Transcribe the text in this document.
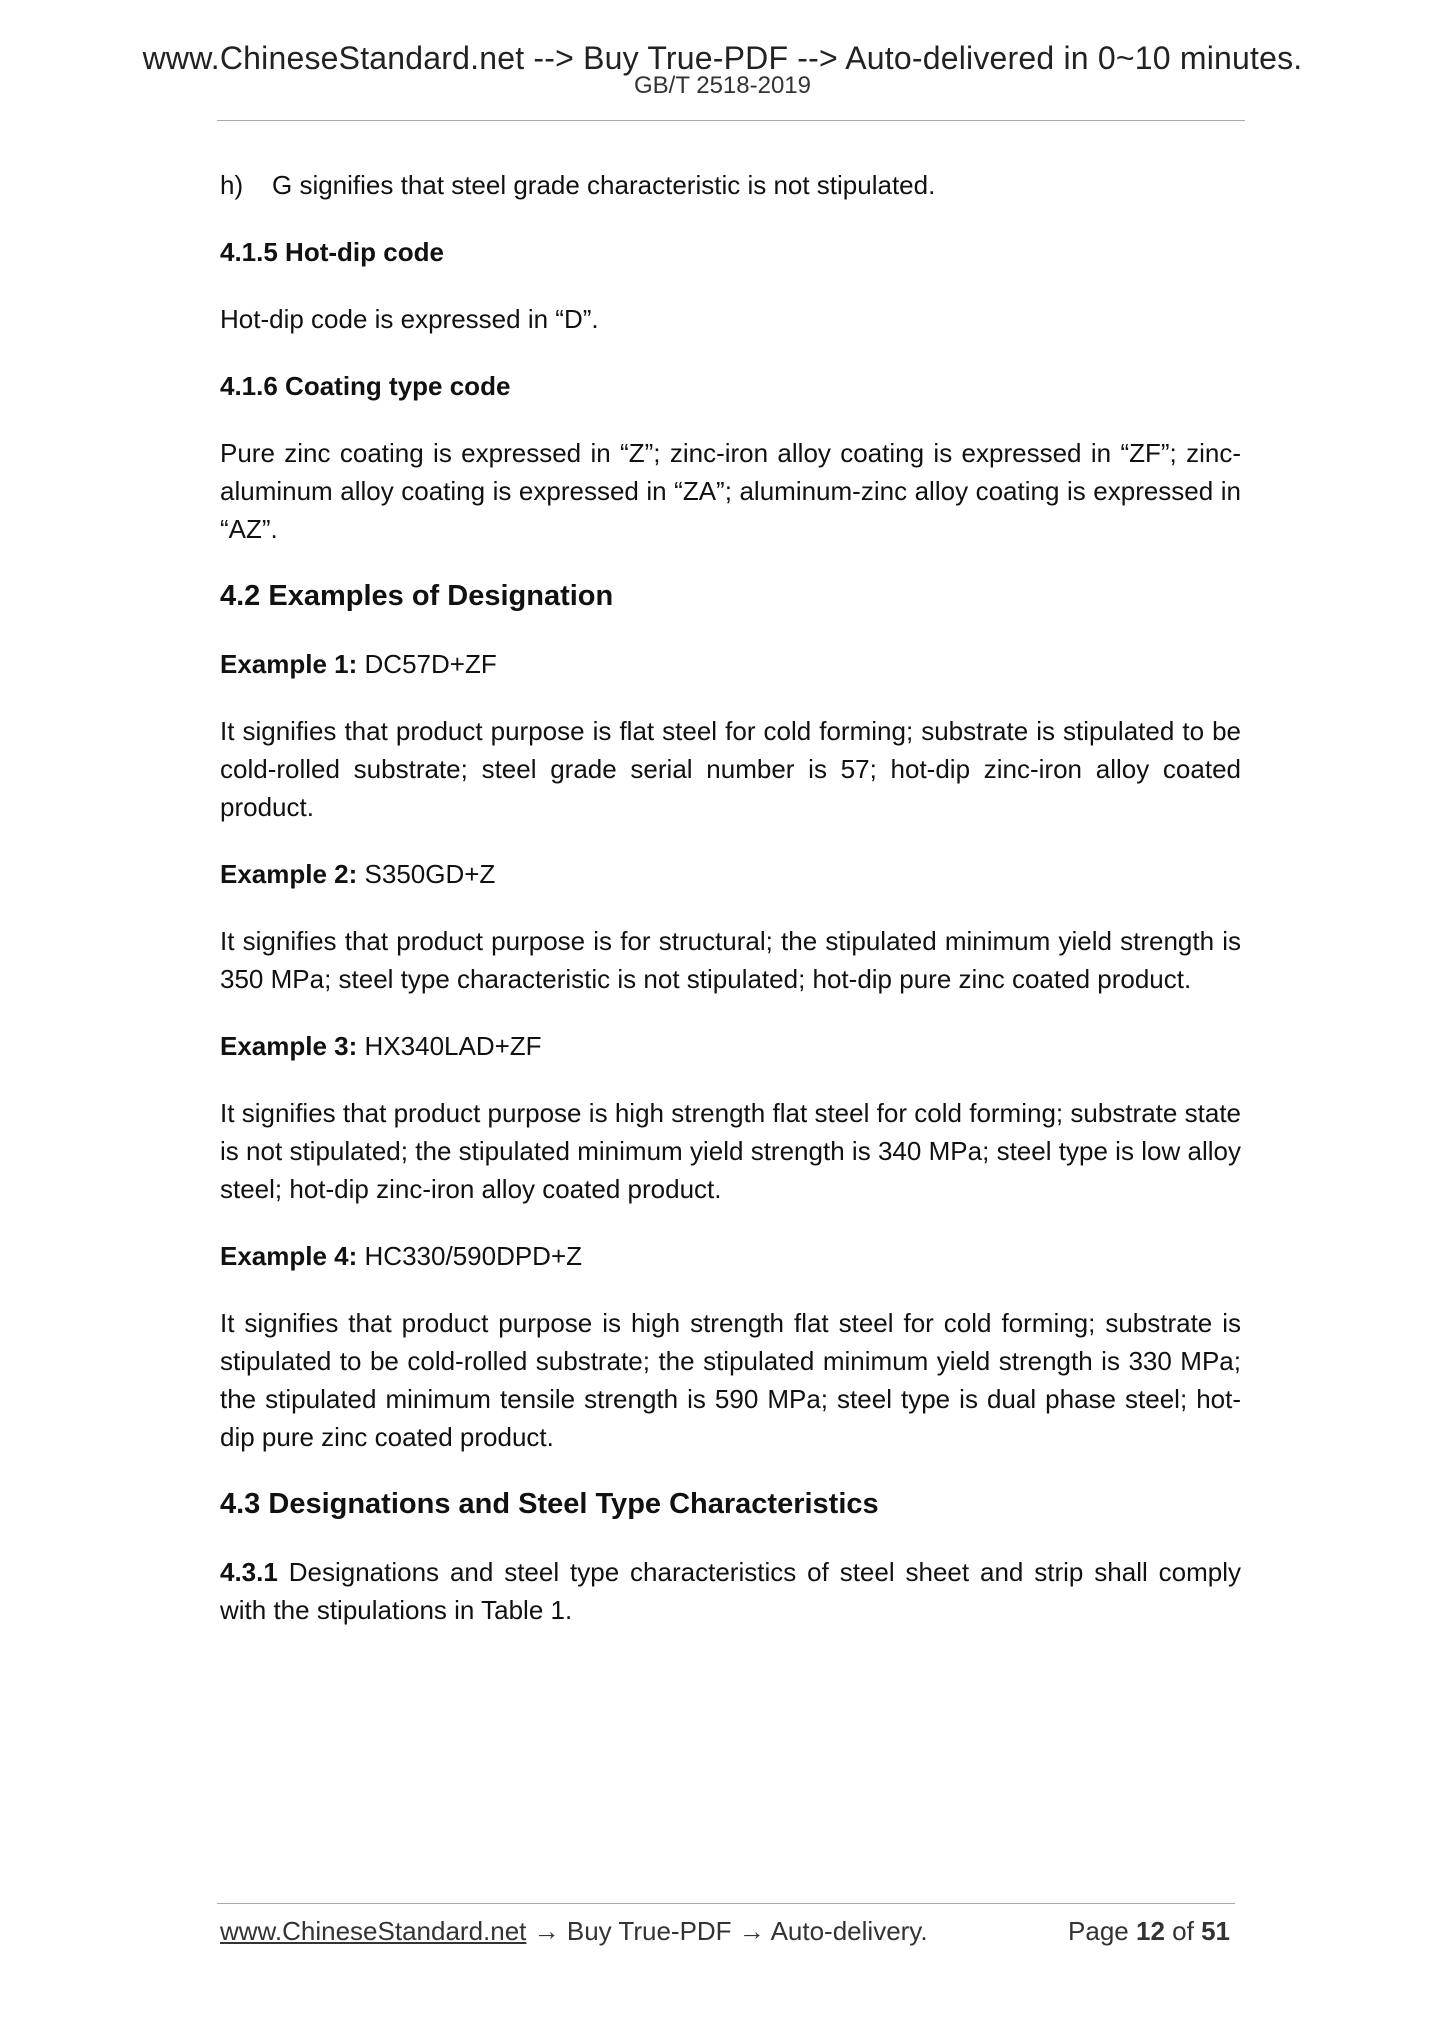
www.ChineseStandard.net --> Buy True-PDF --> Auto-delivered in 0~10 minutes.
GB/T 2518-2019

h) G signifies that steel grade characteristic is not stipulated.

4.1.5 Hot-dip code

Hot-dip code is expressed in “D”.

4.1.6 Coating type code

Pure zinc coating is expressed in “Z”; zinc-iron alloy coating is expressed in “ZF”; zinc-aluminum alloy coating is expressed in “ZA”; aluminum-zinc alloy coating is expressed in “AZ”.

4.2 Examples of Designation

Example 1: DC57D+ZF

It signifies that product purpose is flat steel for cold forming; substrate is stipulated to be cold-rolled substrate; steel grade serial number is 57; hot-dip zinc-iron alloy coated product.

Example 2: S350GD+Z

It signifies that product purpose is for structural; the stipulated minimum yield strength is 350 MPa; steel type characteristic is not stipulated; hot-dip pure zinc coated product.

Example 3: HX340LAD+ZF

It signifies that product purpose is high strength flat steel for cold forming; substrate state is not stipulated; the stipulated minimum yield strength is 340 MPa; steel type is low alloy steel; hot-dip zinc-iron alloy coated product.

Example 4: HC330/590DPD+Z

It signifies that product purpose is high strength flat steel for cold forming; substrate is stipulated to be cold-rolled substrate; the stipulated minimum yield strength is 330 MPa; the stipulated minimum tensile strength is 590 MPa; steel type is dual phase steel; hot-dip pure zinc coated product.

4.3 Designations and Steel Type Characteristics

4.3.1 Designations and steel type characteristics of steel sheet and strip shall comply with the stipulations in Table 1.

www.ChineseStandard.net → Buy True-PDF → Auto-delivery.	Page 12 of 51
